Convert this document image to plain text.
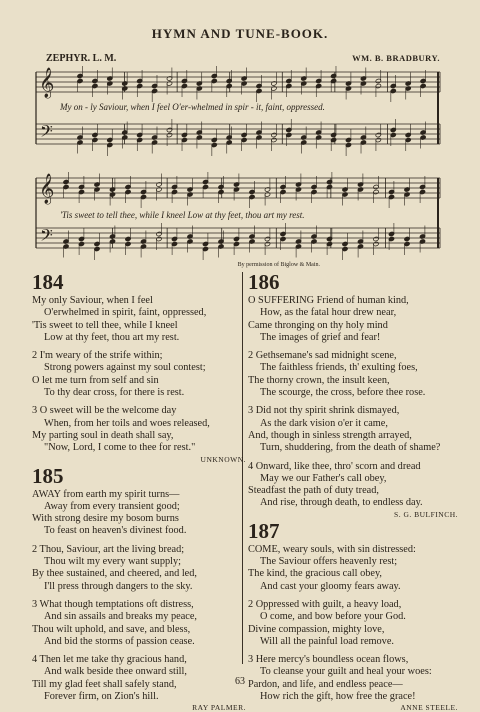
HYMN AND TUNE-BOOK.
ZEPHYR. L. M.	WM. B. BRADBURY.
𝄞
𝄢
My on - ly Saviour, when I feel O'er-whelmed in spir - it, faint, oppressed.
𝄞
𝄢
'Tis sweet to tell thee, while I kneel Low at thy feet, thou art my rest.
By permission of Biglow & Main.
184
My only Saviour, when I feel
O'erwhelmed in spirit, faint, oppressed,
'Tis sweet to tell thee, while I kneel
Low at thy feet, thou art my rest.
2 I'm weary of the strife within;
Strong powers against my soul contest;
O let me turn from self and sin
To thy dear cross, for there is rest.
3 O sweet will be the welcome day
When, from her toils and woes released,
My parting soul in death shall say,
"Now, Lord, I come to thee for rest."
UNKNOWN.
185
AWAY from earth my spirit turns—
Away from every transient good;
With strong desire my bosom burns
To feast on heaven's divinest food.
2 Thou, Saviour, art the living bread;
Thou wilt my every want supply;
By thee sustained, and cheered, and led,
I'll press through dangers to the sky.
3 What though temptations oft distress,
And sin assails and breaks my peace,
Thou wilt uphold, and save, and bless,
And bid the storms of passion cease.
4 Then let me take thy gracious hand,
And walk beside thee onward still,
Till my glad feet shall safely stand,
Forever firm, on Zion's hill.
RAY PALMER.
186
O SUFFERING Friend of human kind,
How, as the fatal hour drew near,
Came thronging on thy holy mind
The images of grief and fear!
2 Gethsemane's sad midnight scene,
The faithless friends, th' exulting foes,
The thorny crown, the insult keen,
The scourge, the cross, before thee rose.
3 Did not thy spirit shrink dismayed,
As the dark vision o'er it came,
And, though in sinless strength arrayed,
Turn, shuddering, from the death of shame?
4 Onward, like thee, thro' scorn and dread
May we our Father's call obey,
Steadfast the path of duty tread,
And rise, through death, to endless day.
S. G. BULFINCH.
187
COME, weary souls, with sin distressed:
The Saviour offers heavenly rest;
The kind, the gracious call obey,
And cast your gloomy fears away.
2 Oppressed with guilt, a heavy load,
O come, and bow before your God.
Divine compassion, mighty love,
Will all the painful load remove.
3 Here mercy's boundless ocean flows,
To cleanse your guilt and heal your woes:
Pardon, and life, and endless peace—
How rich the gift, how free the grace!
ANNE STEELE.
63
